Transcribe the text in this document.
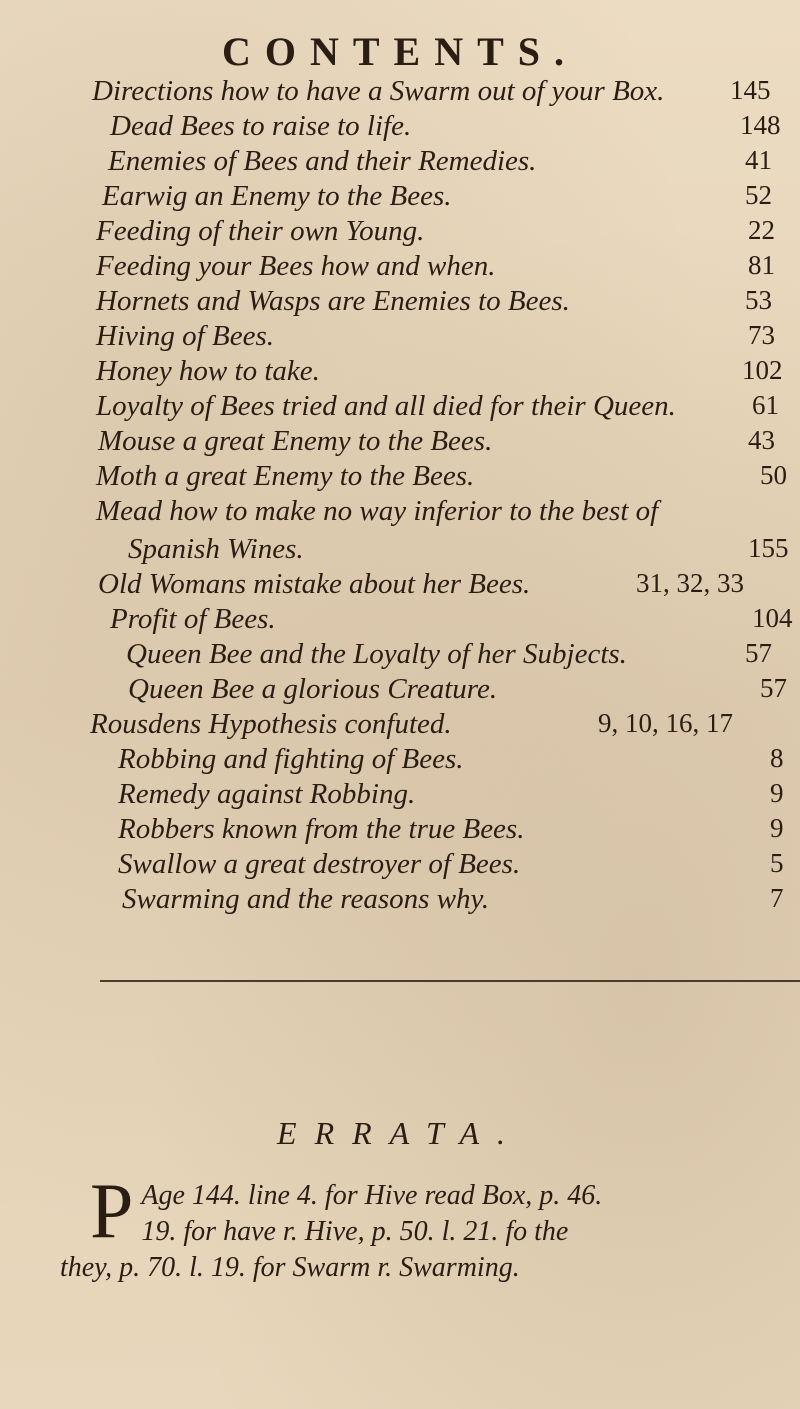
CONTENTS.
Directions how to have a Swarm out of your Box. 145
Dead Bees to raise to life.	148
Enemies of Bees and their Remedies.	41
Earwig an Enemy to the Bees.	52
Feeding of their own Young.	22
Feeding your Bees how and when.	81
Hornets and Wasps are Enemies to Bees.	53
Hiving of Bees.	73
Honey how to take.	102
Loyalty of Bees tried and all died for their Queen.	61
Mouse a great Enemy to the Bees.	43
Moth a great Enemy to the Bees.	50
Mead how to make no way inferior to the best of
Spanish Wines.	155
Old Womans mistake about her Bees.	31, 32, 33
Profit of Bees.	104
Queen Bee and the Loyalty of her Subjects.	57
Queen Bee a glorious Creature.	57
Rousdens Hypothesis confuted.	9, 10, 16, 17
Robbing and fighting of Bees.	8
Remedy against Robbing.	9
Robbers known from the true Bees.	9
Swallow a great destroyer of Bees.	5
Swarming and the reasons why.	7
ERRATA.
P Age 144. line 4. for Hive read Box, p. 46.
19. for have r. Hive, p. 50. l. 21. fo the
they, p. 70. l. 19. for Swarm r. Swarming.
